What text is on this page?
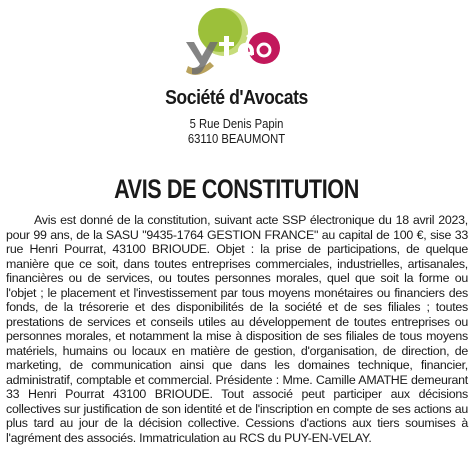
Société d'Avocats
5 Rue Denis Papin
63110 BEAUMONT
AVIS DE CONSTITUTION

Avis est donné de la constitution, suivant acte SSP électronique du 18 avril 2023, pour 99 ans, de la SASU "9435-1764 GESTION FRANCE" au capital de 100 €, sise 33 rue Henri Pourrat, 43100 BRIOUDE. Objet : la prise de participations, de quelque manière que ce soit, dans toutes entreprises commerciales, industrielles, artisanales, financières ou de services, ou toutes personnes morales, quel que soit la forme ou l'objet ; le placement et l'investissement par tous moyens monétaires ou financiers des fonds, de la trésorerie et des disponibilités de la société et de ses filiales ; toutes prestations de services et conseils utiles au développement de toutes entreprises ou personnes morales, et notamment la mise à disposition de ses filiales de tous moyens matériels, humains ou locaux en matière de gestion, d'organisation, de direction, de marketing, de communication ainsi que dans les domaines technique, financier, administratif, comptable et commercial. Présidente : Mme. Camille AMATHE demeurant 33 Henri Pourrat 43100 BRIOUDE. Tout associé peut participer aux décisions collectives sur justification de son identité et de l'inscription en compte de ses actions au plus tard au jour de la décision collective. Cessions d'actions aux tiers soumises à l'agrément des associés. Immatriculation au RCS du PUY-EN-VELAY.
